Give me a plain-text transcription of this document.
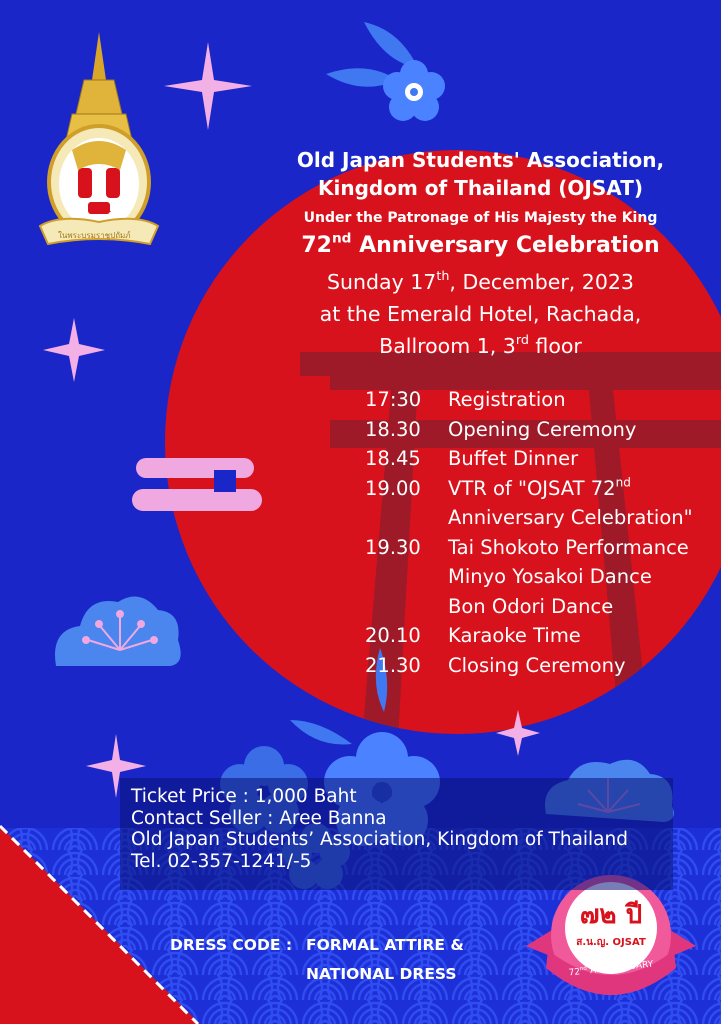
ส.น.ญ.
ในพระบรมราชูปถัมภ์
Old Japan Students' Association,
Kingdom of Thailand (OJSAT)
Under the Patronage of His Majesty the King
72nd Anniversary Celebration
Sunday 17th, December, 2023
at the Emerald Hotel, Rachada,
Ballroom 1, 3rd floor
17:30	Registration
18.30	Opening Ceremony
18.45	Buffet Dinner
19.00	VTR of "OJSAT 72nd
Anniversary Celebration"
19.30	Tai Shokoto Performance
Minyo Yosakoi Dance
Bon Odori Dance
20.10	Karaoke Time
21.30	Closing Ceremony
Ticket Price : 1,000 Baht
Contact Seller : Aree Banna
Old Japan Students’ Association, Kingdom of Thailand
Tel. 02-357-1241/-5
DRESS CODE : FORMAL ATTIRE &
NATIONAL DRESS
๗๒ ปี
ส.น.ญ. OJSAT
72nd ANNIVERSARY
